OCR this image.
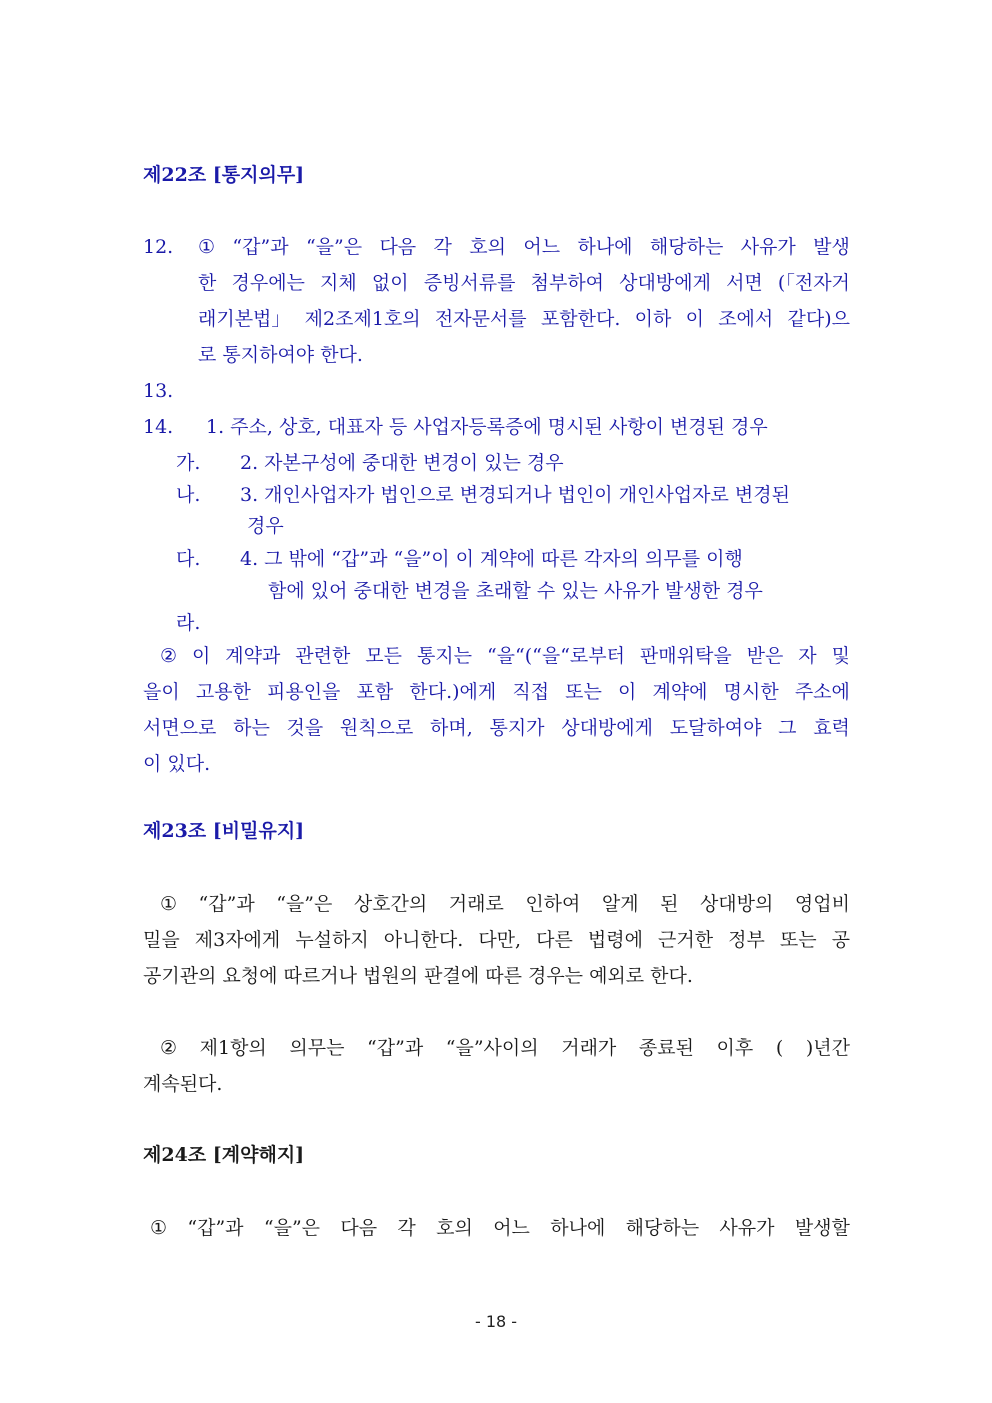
제22조 [통지의무]
12. ① “갑”과 “을”은 다음 각 호의 어느 하나에 해당하는 사유가 발생
한 경우에는 지체 없이 증빙서류를 첨부하여 상대방에게 서면 (「전자거
래기본법」 제2조제1호의 전자문서를 포함한다. 이하 이 조에서 같다)으
로 통지하여야 한다.
13.
14. 1. 주소, 상호, 대표자 등 사업자등록증에 명시된 사항이 변경된 경우
가. 2. 자본구성에 중대한 변경이 있는 경우
나. 3. 개인사업자가 법인으로 변경되거나 법인이 개인사업자로 변경된
경우
다. 4. 그 밖에 “갑”과 “을”이 이 계약에 따른 각자의 의무를 이행
함에 있어 중대한 변경을 초래할 수 있는 사유가 발생한 경우
라.
② 이 계약과 관련한 모든 통지는 “을“(“을“로부터 판매위탁을 받은 자 및
을이 고용한 피용인을 포함 한다.)에게 직접 또는 이 계약에 명시한 주소에
서면으로 하는 것을 원칙으로 하며, 통지가 상대방에게 도달하여야 그 효력
이 있다.
제23조 [비밀유지]
① “갑”과 “을”은 상호간의 거래로 인하여 알게 된 상대방의 영업비
밀을 제3자에게 누설하지 아니한다. 다만, 다른 법령에 근거한 정부 또는 공
공기관의 요청에 따르거나 법원의 판결에 따른 경우는 예외로 한다.
② 제1항의 의무는 “갑”과 “을”사이의 거래가 종료된 이후 ( )년간
계속된다.
제24조 [계약해지]
① “갑”과 “을”은 다음 각 호의 어느 하나에 해당하는 사유가 발생할
- 18 -
